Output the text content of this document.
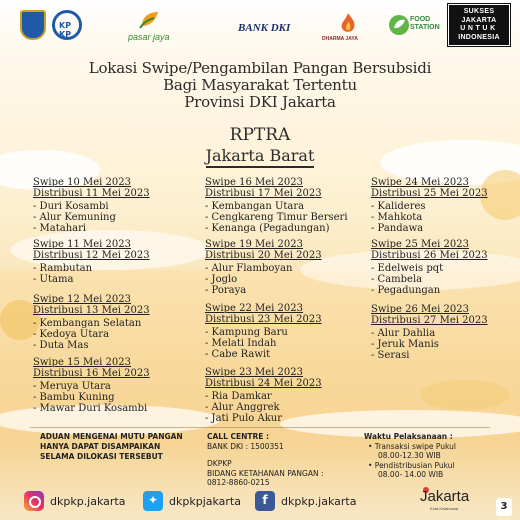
KP KP	pasar jaya
BANK DKI
DHARMA JAYA
FOOD
STATION
SUKSES
JAKARTA
UNTUK
INDONESIA
Lokasi Swipe/Pengambilan Pangan Bersubsidi
Bagi Masyarakat Tertentu
Provinsi DKI Jakarta
RPTRA
Jakarta Barat
Swipe 10 Mei 2023
Distribusi 11 Mei 2023
- Duri Kosambi
- Alur Kemuning
- Matahari
Swipe 11 Mei 2023
Distribusi 12 Mei 2023
- Rambutan
- Utama
Swipe 12 Mei 2023
Distribusi 13 Mei 2023
- Kembangan Selatan
- Kedoya Utara
- Duta Mas
Swipe 15 Mei 2023
Distribusi 16 Mei 2023
- Meruya Utara
- Bambu Kuning
- Mawar Duri Kosambi
Swipe 16 Mei 2023
Distribusi 17 Mei 2023
- Kembangan Utara
- Cengkareng Timur Berseri
- Kenanga (Pegadungan)
Swipe 19 Mei 2023
Distribusi 20 Mei 2023
- Alur Flamboyan
- Joglo
- Poraya
Swipe 22 Mei 2023
Distribusi 23 Mei 2023
- Kampung Baru
- Melati Indah
- Cabe Rawit
Swipe 23 Mei 2023
Distribusi 24 Mei 2023
- Ria Damkar
- Alur Anggrek
- Jati Pulo Akur
Swipe 24 Mei 2023
Distribusi 25 Mei 2023
- Kalideres
- Mahkota
- Pandawa
Swipe 25 Mei 2023
Distribusi 26 Mei 2023
- Edelweis pqt
- Cambela
- Pegadungan
Swipe 26 Mei 2023
Distribusi 27 Mei 2023
- Alur Dahlia
- Jeruk Manis
- Serasi
ADUAN MENGENAI MUTU PANGAN
HANYA DAPAT DISAMPAIKAN
SELAMA DILOKASI TERSEBUT
CALL CENTRE :
BANK DKI : 1500351
DKPKP
BIDANG KETAHANAN PANGAN :
0812-8860-0215
Waktu Pelaksanaan :
• Transaksi swipe Pukul
08.00-12.30 WIB
• Pendistribusian Pukul
08.00- 14.00 WIB
dkpkp.jakarta	✦ dkpkpjakarta	f	dkpkp.jakarta	Jakarta
Kota Kolaborasi	3
